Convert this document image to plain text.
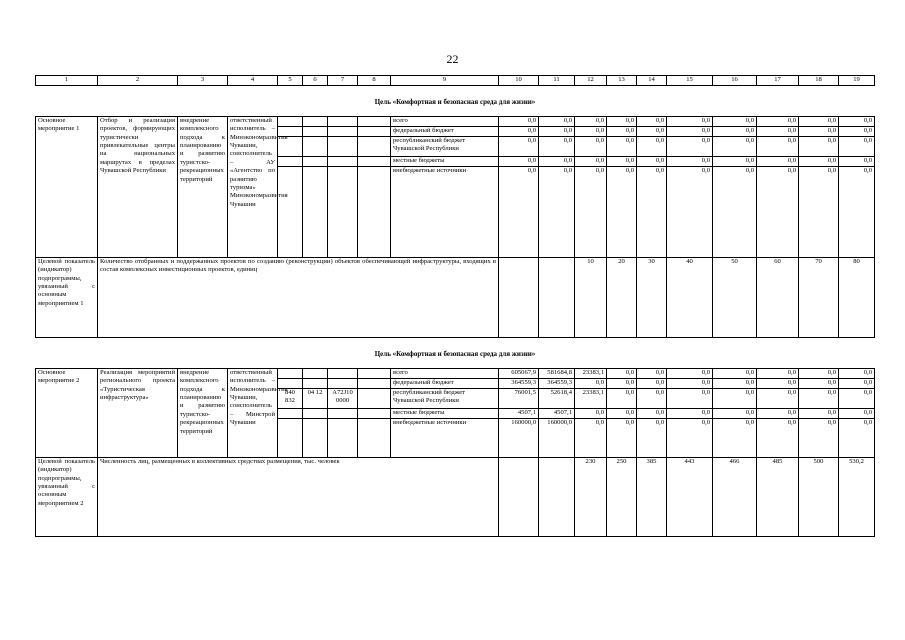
22
1	2	3	4	5	6	7	8	9	10	11	12	13	14	15	16	17	18	19	
Цель «Комфортная и безопасная среда для жизни»																			
Основное мероприятие 1	Отбор и реализация проектов, формирующих туристически привлекательные центры на национальных маршрутах в пределах Чувашской Республики	внедрение комплексного подхода к планированию и развитию туристско-рекреационных территорий	ответственный исполнитель – Минэкономразвития Чувашии, соисполнитель – АУ «Агентство по развитию туризма» Минэкономразвития Чувашии					всего	0,0	0,0	0,0	0,0	0,0	0,0	0,0	0,0	0,0	0,0	
								федеральный бюджет	0,0	0,0	0,0	0,0	0,0	0,0	0,0	0,0	0,0	0,0	
								республиканский бюджет Чувашской Республики	0,0	0,0	0,0	0,0	0,0	0,0	0,0	0,0	0,0	0,0	
								местные бюджеты	0,0	0,0	0,0	0,0	0,0	0,0	0,0	0,0	0,0	0,0	
								внебюджетные источники	0,0	0,0	0,0	0,0	0,0	0,0	0,0	0,0	0,0	0,0	
Целевой показатель (индикатор) подпрограммы, увязанный с основным мероприятием 1	Количество отобранных и поддержанных проектов по созданию (реконструкции) объектов обеспечивающей инфраструктуры, входящих в состав комплексных инвестиционных проектов, единиц										10	20	30	40	50	60	70	80	
Цель «Комфортная и безопасная среда для жизни»																			
Основное мероприятие 2	Реализация мероприятий регионального проекта «Туристическая инфраструктура»	внедрение комплексного подхода к планированию и развитию туристско-рекреационных территорий	ответственный исполнитель – Минэкономразвития Чувашии, соисполнитель – Минстрой Чувашии					всего	605067,9	581684,8	23383,1	0,0	0,0	0,0	0,0	0,0	0,0	0,0	
								федеральный бюджет	364559,3	364559,3	0,0	0,0	0,0	0,0	0,0	0,0	0,0	0,0	
				840 832	04 12	А72J10 0000		республиканский бюджет Чувашской Республики	76001,5	52618,4	23383,1	0,0	0,0	0,0	0,0	0,0	0,0	0,0	
								местные бюджеты	4507,1	4507,1	0,0	0,0	0,0	0,0	0,0	0,0	0,0	0,0	
								внебюджетные источники	160000,0	160000,0	0,0	0,0	0,0	0,0	0,0	0,0	0,0	0,0	
Целевой показатель (индикатор) подпрограммы, увязанный с основным мероприятием 2	Численность лиц, размещенных в коллективных средствах размещения, тыс. человек										230	250	385	443	466	485	500	530,2	
